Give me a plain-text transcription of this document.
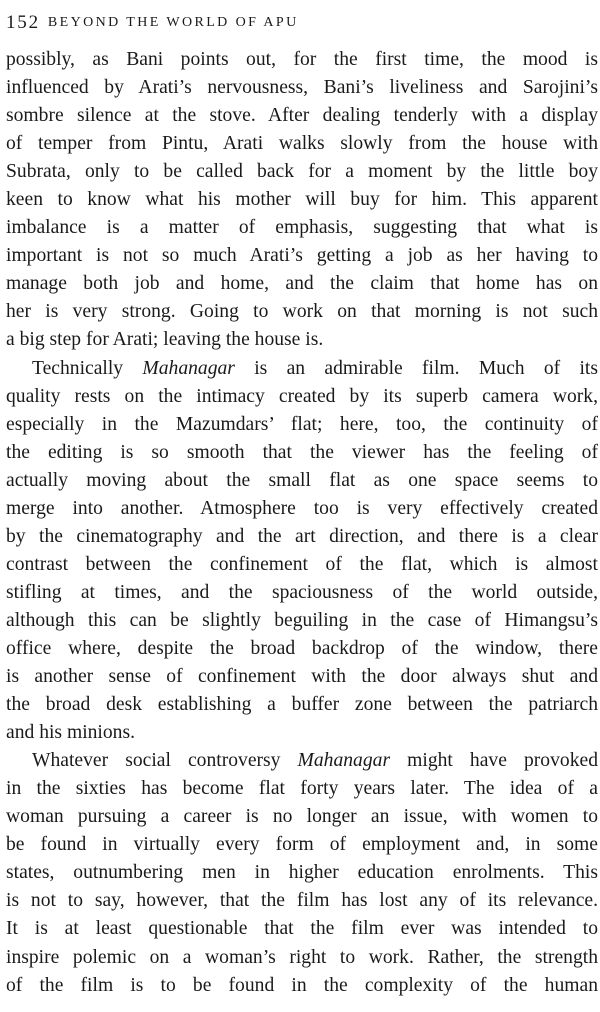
152 BEYOND THE WORLD OF APU
possibly, as Bani points out, for the first time, the mood is
influenced by Arati’s nervousness, Bani’s liveliness and Sarojini’s
sombre silence at the stove. After dealing tenderly with a display
of temper from Pintu, Arati walks slowly from the house with
Subrata, only to be called back for a moment by the little boy
keen to know what his mother will buy for him. This apparent
imbalance is a matter of emphasis, suggesting that what is
important is not so much Arati’s getting a job as her having to
manage both job and home, and the claim that home has on
her is very strong. Going to work on that morning is not such
a big step for Arati; leaving the house is.
Technically Mahanagar is an admirable film. Much of its
quality rests on the intimacy created by its superb camera work,
especially in the Mazumdars’ flat; here, too, the continuity of
the editing is so smooth that the viewer has the feeling of
actually moving about the small flat as one space seems to
merge into another. Atmosphere too is very effectively created
by the cinematography and the art direction, and there is a clear
contrast between the confinement of the flat, which is almost
stifling at times, and the spaciousness of the world outside,
although this can be slightly beguiling in the case of Himangsu’s
office where, despite the broad backdrop of the window, there
is another sense of confinement with the door always shut and
the broad desk establishing a buffer zone between the patriarch
and his minions.
Whatever social controversy Mahanagar might have provoked
in the sixties has become flat forty years later. The idea of a
woman pursuing a career is no longer an issue, with women to
be found in virtually every form of employment and, in some
states, outnumbering men in higher education enrolments. This
is not to say, however, that the film has lost any of its relevance.
It is at least questionable that the film ever was intended to
inspire polemic on a woman’s right to work. Rather, the strength
of the film is to be found in the complexity of the human
